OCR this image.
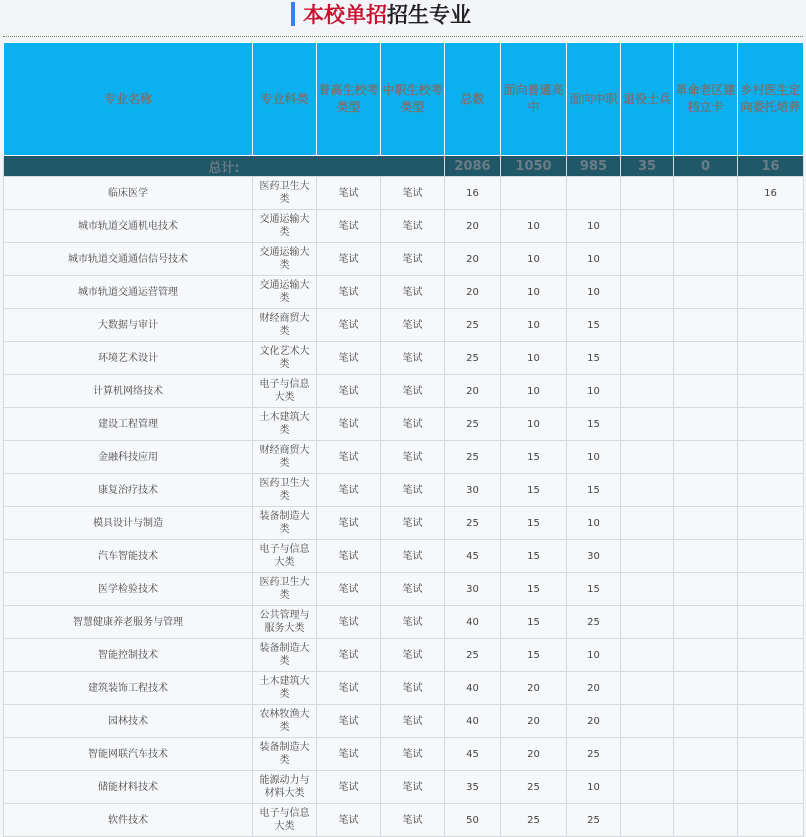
本校单招招生专业
专业名称	专业科类	普高生校考类型	中职生校考类型	总数	面向普通高中	面向中职	退役士兵	革命老区建档立卡	乡村医生定向委托培养
总计:				2086	1050	985	35	0	16
临床医学	医药卫生大类	笔试	笔试	16					16
城市轨道交通机电技术	交通运输大类	笔试	笔试	20	10	10			
城市轨道交通通信信号技术	交通运输大类	笔试	笔试	20	10	10			
城市轨道交通运营管理	交通运输大类	笔试	笔试	20	10	10			
大数据与审计	财经商贸大类	笔试	笔试	25	10	15			
环境艺术设计	文化艺术大类	笔试	笔试	25	10	15			
计算机网络技术	电子与信息大类	笔试	笔试	20	10	10			
建设工程管理	土木建筑大类	笔试	笔试	25	10	15			
金融科技应用	财经商贸大类	笔试	笔试	25	15	10			
康复治疗技术	医药卫生大类	笔试	笔试	30	15	15			
模具设计与制造	装备制造大类	笔试	笔试	25	15	10			
汽车智能技术	电子与信息大类	笔试	笔试	45	15	30			
医学检验技术	医药卫生大类	笔试	笔试	30	15	15			
智慧健康养老服务与管理	公共管理与服务大类	笔试	笔试	40	15	25			
智能控制技术	装备制造大类	笔试	笔试	25	15	10			
建筑装饰工程技术	土木建筑大类	笔试	笔试	40	20	20			
园林技术	农林牧渔大类	笔试	笔试	40	20	20			
智能网联汽车技术	装备制造大类	笔试	笔试	45	20	25			
储能材料技术	能源动力与材料大类	笔试	笔试	35	25	10			
软件技术	电子与信息大类	笔试	笔试	50	25	25			
